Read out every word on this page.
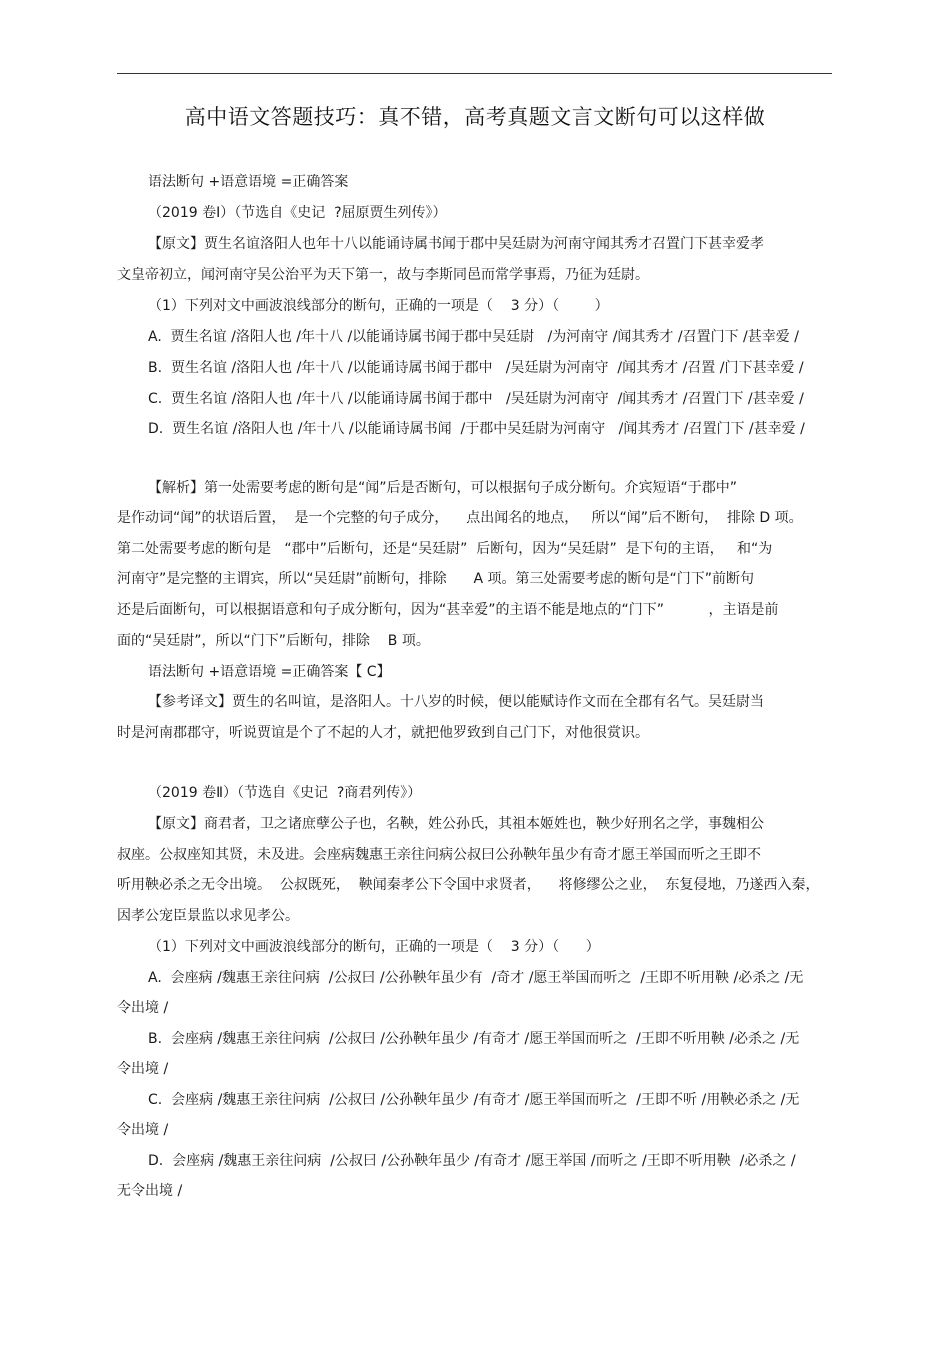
高中语文答题技巧：真不错，高考真题文言文断句可以这样做
语法断句 +语意语境 =正确答案
（2019 卷Ⅰ）（节选自《史记  ?屈原贾生列传》）
【原文】贾生名谊洛阳人也年十八以能诵诗属书闻于郡中吴廷尉为河南守闻其秀才召置门下甚幸爱孝
文皇帝初立，闻河南守吴公治平为天下第一，故与李斯同邑而常学事焉，乃征为廷尉。
（1）下列对文中画波浪线部分的断句，正确的一项是（    3 分）（        ）
A.  贾生名谊 /洛阳人也 /年十八 /以能诵诗属书闻于郡中吴廷尉   /为河南守 /闻其秀才 /召置门下 /甚幸爱 /
B.  贾生名谊 /洛阳人也 /年十八 /以能诵诗属书闻于郡中   /吴廷尉为河南守  /闻其秀才 /召置 /门下甚幸爱 /
C.  贾生名谊 /洛阳人也 /年十八 /以能诵诗属书闻于郡中   /吴廷尉为河南守  /闻其秀才 /召置门下 /甚幸爱 /
D.  贾生名谊 /洛阳人也 /年十八 /以能诵诗属书闻  /于郡中吴廷尉为河南守   /闻其秀才 /召置门下 /甚幸爱 /
【解析】第一处需要考虑的断句是“闻”后是否断句，可以根据句子成分断句。介宾短语“于郡中”
是作动词“闻”的状语后置，  是一个完整的句子成分，    点出闻名的地点，   所以“闻”后不断句，  排除 D 项。
第二处需要考虑的断句是   “郡中”后断句，还是“吴廷尉”  后断句，因为“吴廷尉”  是下句的主语，   和“为
河南守”是完整的主谓宾，所以“吴廷尉”前断句，排除      A 项。第三处需要考虑的断句是“门下”前断句
还是后面断句，可以根据语意和句子成分断句，因为“甚幸爱”的主语不能是地点的“门下”          ，主语是前
面的“吴廷尉”，所以“门下”后断句，排除    B 项。
语法断句 +语意语境 =正确答案【 C】
【参考译文】贾生的名叫谊，是洛阳人。十八岁的时候，便以能赋诗作文而在全郡有名气。吴廷尉当
时是河南郡郡守，听说贾谊是个了不起的人才，就把他罗致到自己门下，对他很赏识。
（2019 卷Ⅱ）（节选自《史记  ?商君列传》）
【原文】商君者，卫之诸庶孽公子也，名鞅，姓公孙氏，其祖本姬姓也，鞅少好刑名之学，事魏相公
叔座。公叔座知其贤，未及进。会座病魏惠王亲往问病公叔曰公孙鞅年虽少有奇才愿王举国而听之王即不
听用鞅必杀之无令出境。  公叔既死，  鞅闻秦孝公下令国中求贤者，    将修缪公之业，  东复侵地，乃遂西入秦，
因孝公宠臣景监以求见孝公。
（1）下列对文中画波浪线部分的断句，正确的一项是（    3 分）（      ）
A.  会座病 /魏惠王亲往问病  /公叔曰 /公孙鞅年虽少有  /奇才 /愿王举国而听之  /王即不听用鞅 /必杀之 /无
令出境 /
B.  会座病 /魏惠王亲往问病  /公叔曰 /公孙鞅年虽少 /有奇才 /愿王举国而听之  /王即不听用鞅 /必杀之 /无
令出境 /
C.  会座病 /魏惠王亲往问病  /公叔曰 /公孙鞅年虽少 /有奇才 /愿王举国而听之  /王即不听 /用鞅必杀之 /无
令出境 /
D.  会座病 /魏惠王亲往问病  /公叔曰 /公孙鞅年虽少 /有奇才 /愿王举国 /而听之 /王即不听用鞅  /必杀之 /
无令出境 /
